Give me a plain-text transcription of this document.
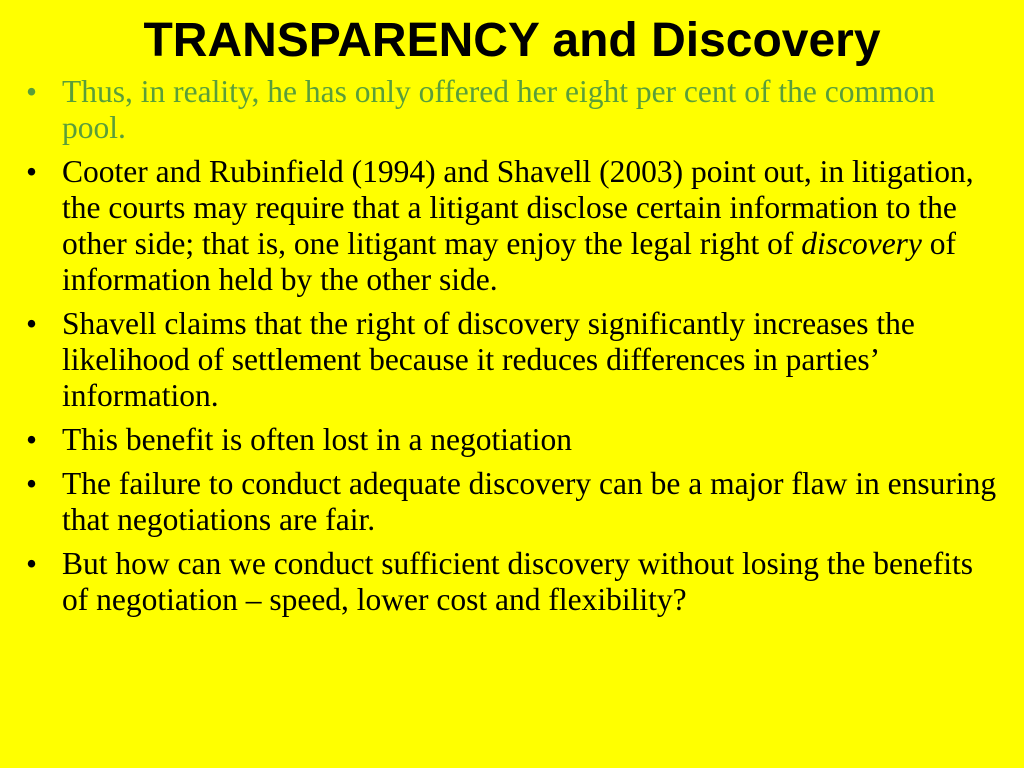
TRANSPARENCY and Discovery
• Thus, in reality, he has only offered her eight per cent of the common pool.
• Cooter and Rubinfield (1994) and Shavell (2003) point out, in litigation, the courts may require that a litigant disclose certain information to the other side; that is, one litigant may enjoy the legal right of discovery of information held by the other side.
• Shavell claims that the right of discovery significantly increases the likelihood of settlement because it reduces differences in parties’ information.
• This benefit is often lost in a negotiation
• The failure to conduct adequate discovery can be a major flaw in ensuring that negotiations are fair.
• But how can we conduct sufficient discovery without losing the benefits of negotiation – speed, lower cost and flexibility?
